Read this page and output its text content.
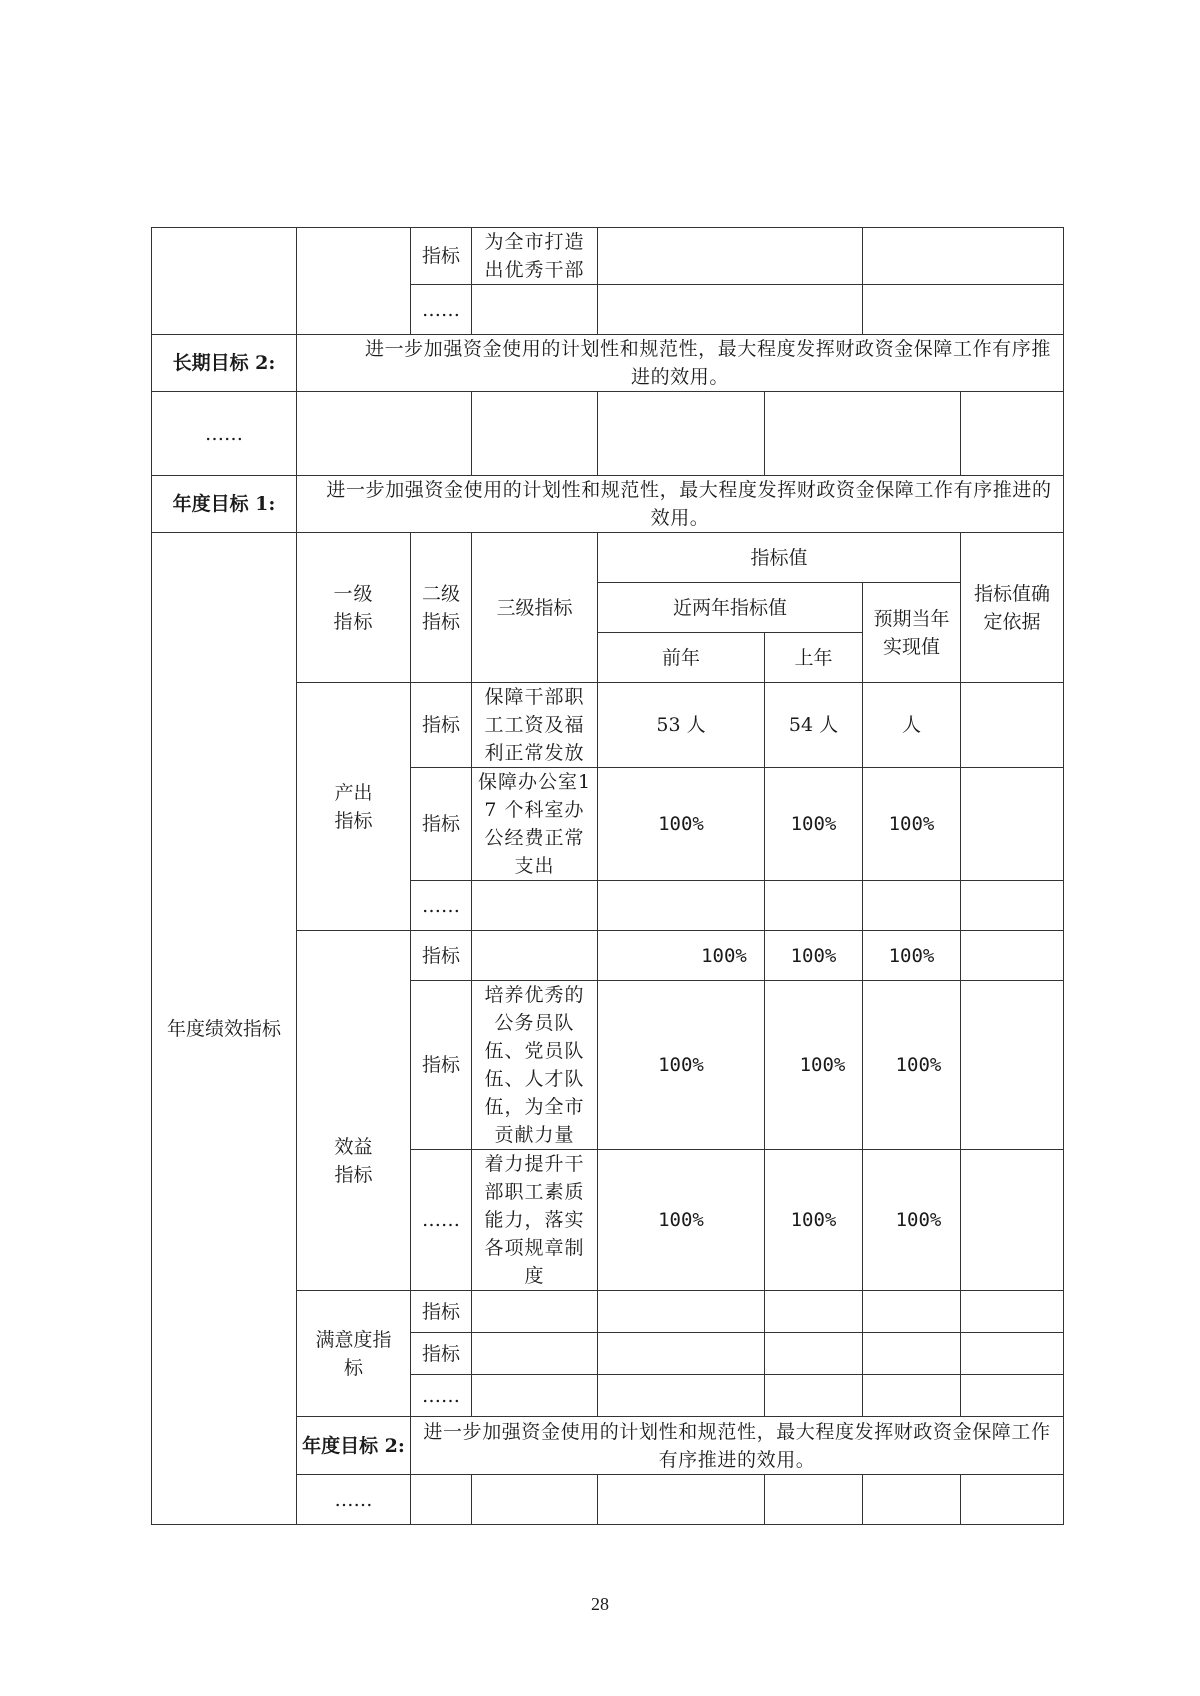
		指标	为全市打造出优秀干部					
		……						
长期目标 2:	进一步加强资金使用的计划性和规范性，最大程度发挥财政资金保障工作有序推进的效用。							
……								
年度目标 1:	进一步加强资金使用的计划性和规范性，最大程度发挥财政资金保障工作有序推进的效用。							
年度绩效指标	一级指标	二级指标	三级指标	指标值			指标值确定依据	
				近两年指标值		预期当年实现值		
				前年	上年			
	产出指标	指标	保障干部职工工资及福利正常发放	53 人	54 人	人		
		指标	保障办公室17 个科室办公经费正常支出	100%	100%	100%		
		……						
	效益指标	指标		100%	100%	100%		
		指标	培养优秀的公务员队伍、党员队伍、人才队伍，为全市贡献力量	100%	100%	100%		
		……	着力提升干部职工素质能力，落实各项规章制度	100%	100%	100%		
	满意度指标	指标						
		指标						
		……						
	年度目标 2:	进一步加强资金使用的计划性和规范性，最大程度发挥财政资金保障工作有序推进的效用。						
	……							
28
